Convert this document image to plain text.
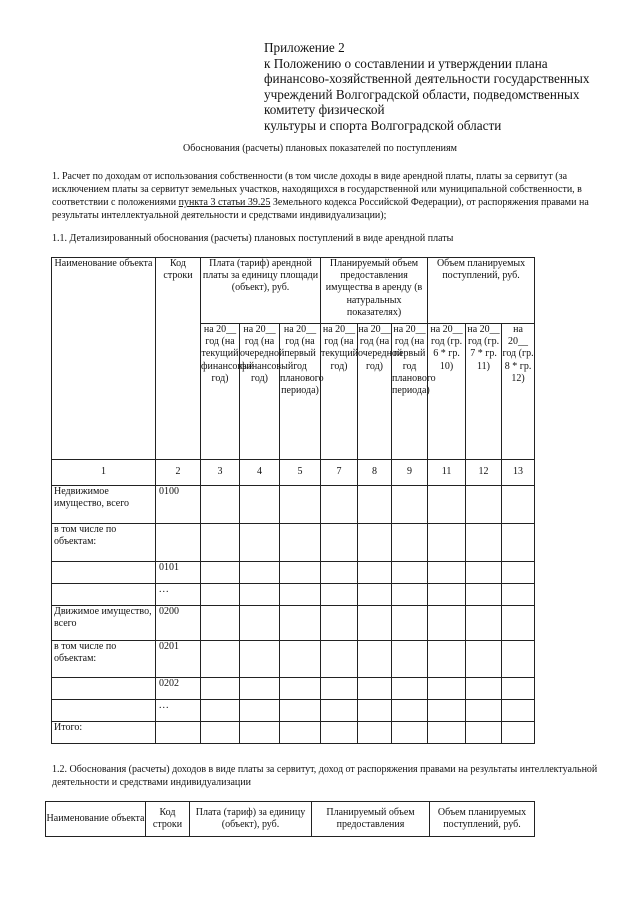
Приложение 2
к Положению о составлении и утверждении плана
финансово-хозяйственной деятельности государственных
учреждений Волгоградской области, подведомственных
комитету физической
культуры и спорта Волгоградской области
Обоснования (расчеты) плановых показателей по поступлениям
1. Расчет по доходам от использования собственности (в том числе доходы в виде арендной платы, платы за сервитут (за исключением платы за сервитут земельных участков, находящихся в государственной или муниципальной собственности, в соответствии с положениями пункта 3 статьи 39.25 Земельного кодекса Российской Федерации), от распоряжения правами на результаты интеллектуальной деятельности и средствами индивидуализации);
1.1. Детализированный обоснования (расчеты) плановых поступлений в виде арендной платы
Наименование объекта	Код строки	Плата (тариф) арендной платы за единицу площади (объект), руб.			Планируемый объем предоставления имущества в аренду (в натуральных показателях)			Объем планируемых поступлений, руб.		
		на 20__ год (на текущий финансовый год)	на 20__ год (на очередной финансовый год)	на 20__ год (на первый год планового периода)	на 20__ год (на текущий год)	на 20__ год (на очередной год)	на 20__ год (на первый год планового периода)	на 20__ год (гр. 6 * гр. 10)	на 20__ год (гр. 7 * гр. 11)	на 20__ год (гр. 8 * гр. 12)
1	2	3	4	5	7	8	9	11	12	13
Недвижимое имущество, всего	0100									
в том числе по объектам:										
	0101									
	...									
Движимое имущество, всего	0200									
в том числе по объектам:	0201									
	0202									
	...									
Итого:										
1.2. Обоснования (расчеты) доходов в виде платы за сервитут, доход от распоряжения правами на результаты интеллектуальной деятельности и средствами индивидуализации
Наименование объекта	Код строки	Плата (тариф) за единицу (объект), руб.	Планируемый объем предоставления	Объем планируемых поступлений, руб.
